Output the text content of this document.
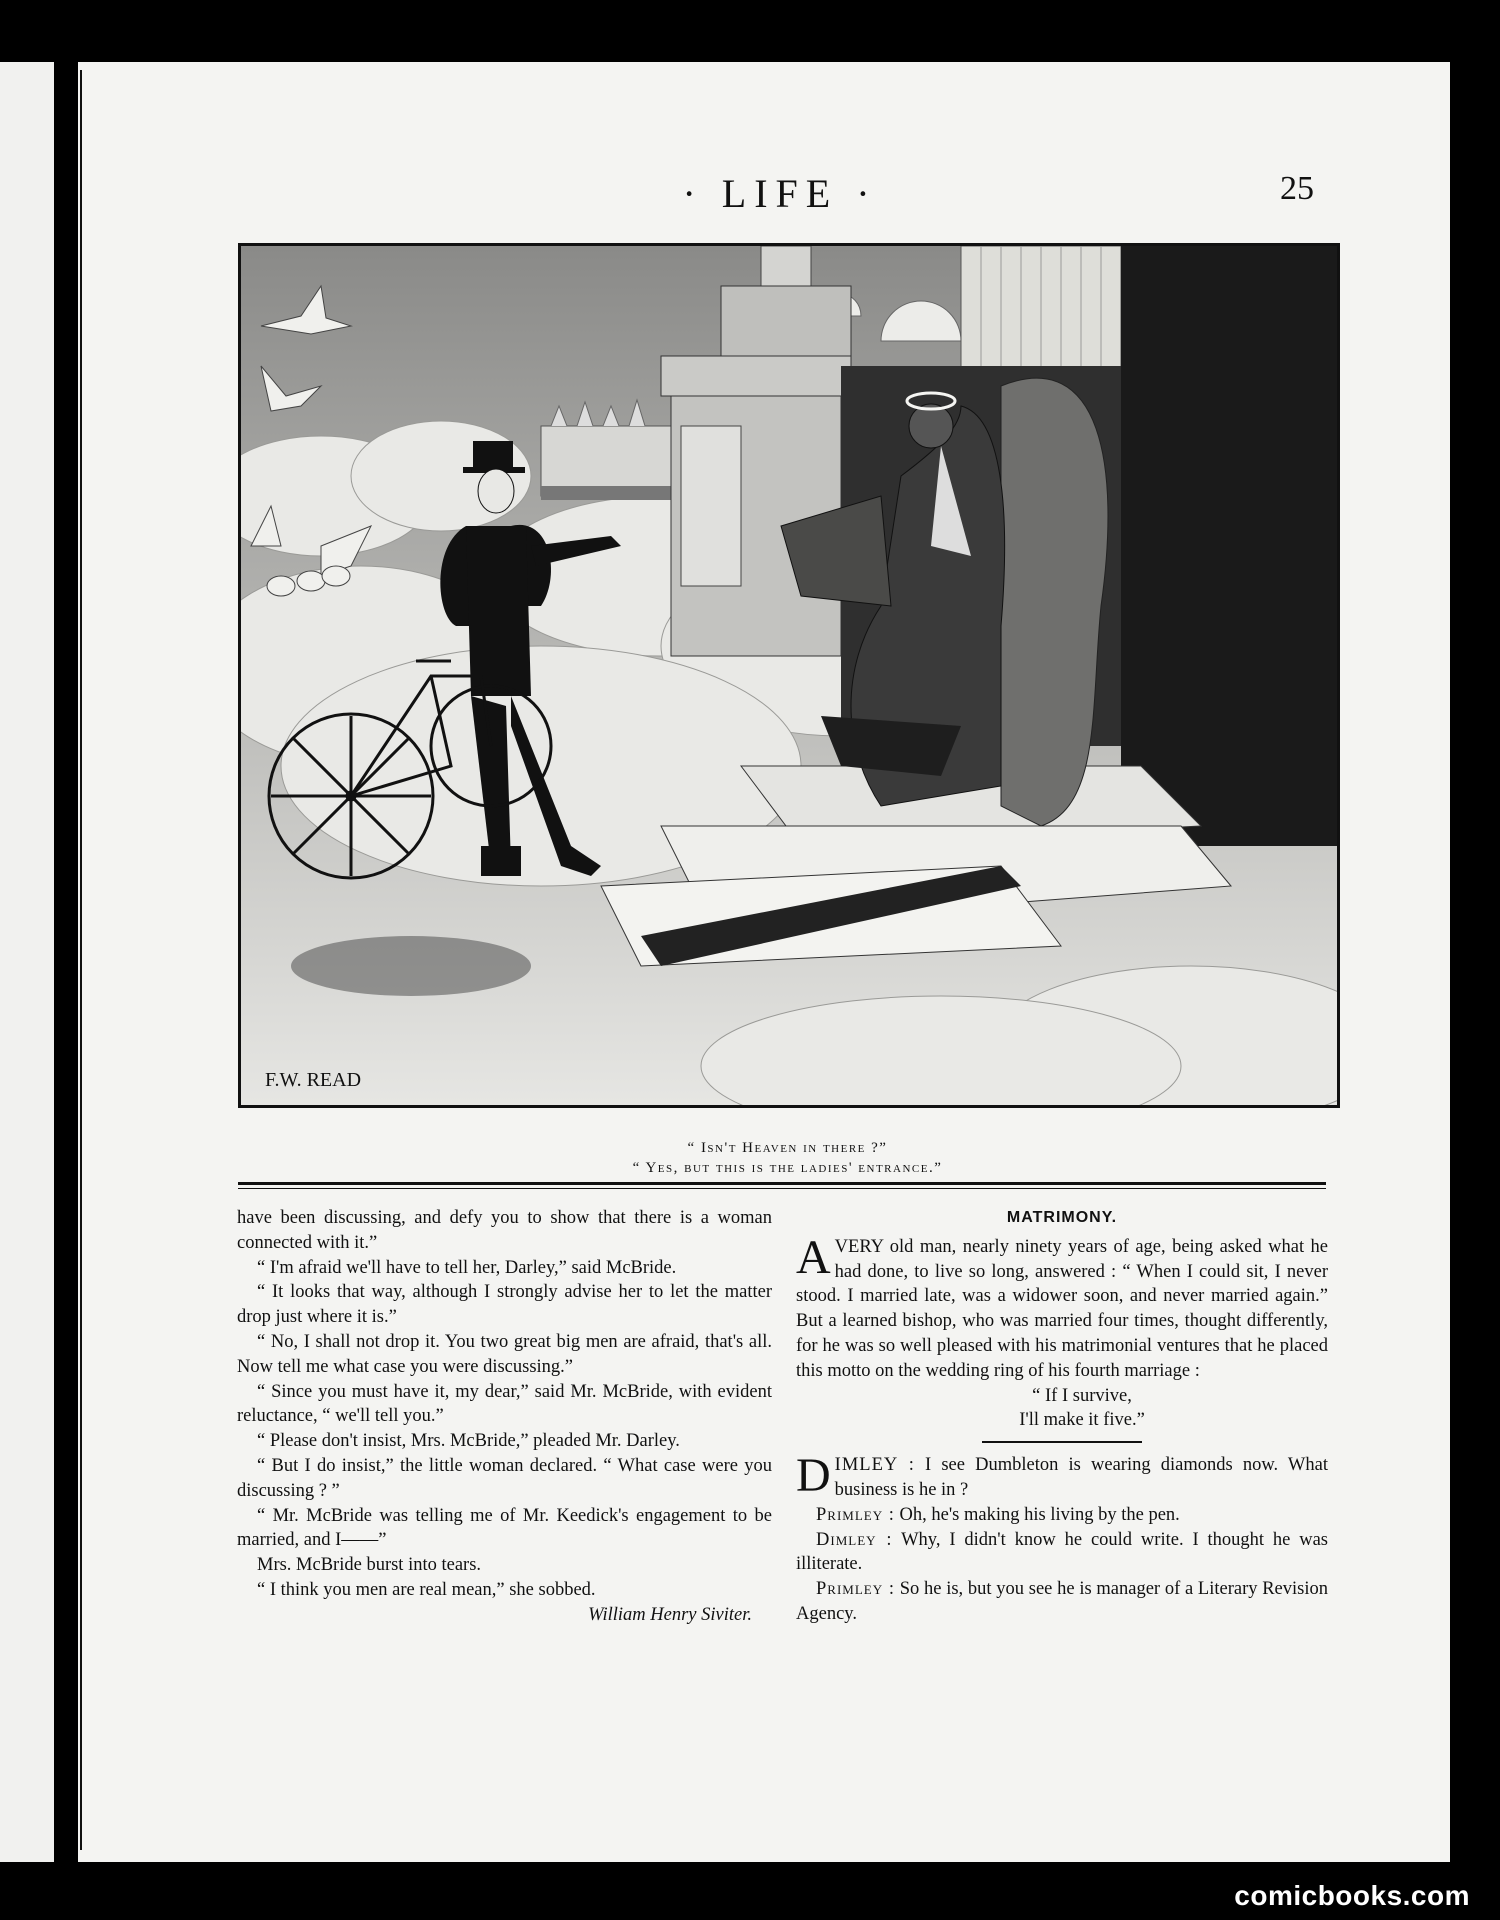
· LIFE ·	25
F.W. READ
“ Isn't Heaven in there ?”
“ Yes, but this is the ladies' entrance.”

have been discussing, and defy you to show that there is a woman connected with it.”

“ I'm afraid we'll have to tell her, Darley,” said McBride.

“ It looks that way, although I strongly advise her to let the matter drop just where it is.”

“ No, I shall not drop it. You two great big men are afraid, that's all. Now tell me what case you were discussing.”

“ Since you must have it, my dear,” said Mr. McBride, with evident reluctance, “ we'll tell you.”

“ Please don't insist, Mrs. McBride,” pleaded Mr. Darley.

“ But I do insist,” the little woman declared. “ What case were you discussing ? ”

“ Mr. McBride was telling me of Mr. Keedick's engagement to be married, and I——”

Mrs. McBride burst into tears.

“ I think you men are real mean,” she sobbed.

William Henry Siviter.

MATRIMONY.

AVERY old man, nearly ninety years of age, being asked what he had done, to live so long, answered : “ When I could sit, I never stood. I married late, was a widower soon, and never married again.” But a learned bishop, who was married four times, thought differently, for he was so well pleased with his matrimonial ventures that he placed this motto on the wedding ring of his fourth marriage :

“ If I survive,

I'll make it five.”

DIMLEY : I see Dumbleton is wearing diamonds now. What business is he in ?

Primley : Oh, he's making his living by the pen.

Dimley : Why, I didn't know he could write. I thought he was illiterate.

Primley : So he is, but you see he is manager of a Literary Revision Agency.

comicbooks.com
